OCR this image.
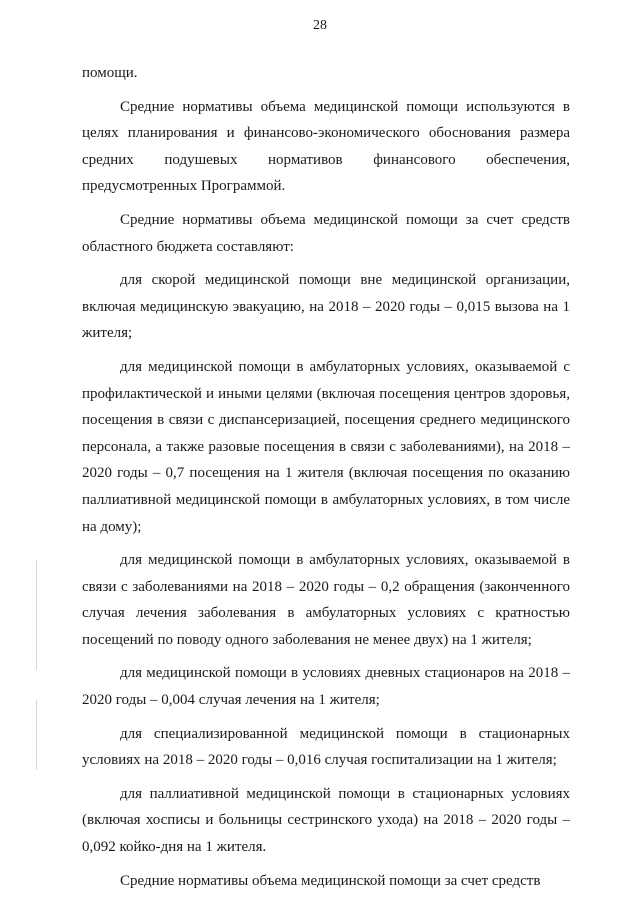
28

помощи.

Средние нормативы объема медицинской помощи используются в целях планирования и финансово-экономического обоснования размера средних подушевых нормативов финансового обеспечения, предусмотренных Программой.

Средние нормативы объема медицинской помощи за счет средств областного бюджета составляют:

для скорой медицинской помощи вне медицинской организации, включая медицинскую эвакуацию, на 2018 – 2020 годы – 0,015 вызова на 1 жителя;

для медицинской помощи в амбулаторных условиях, оказываемой с профилактической и иными целями (включая посещения центров здоровья, посещения в связи с диспансеризацией, посещения среднего медицинского персонала, а также разовые посещения в связи с заболеваниями), на 2018 – 2020 годы – 0,7 посещения на 1 жителя (включая посещения по оказанию паллиативной медицинской помощи в амбулаторных условиях, в том числе на дому);

для медицинской помощи в амбулаторных условиях, оказываемой в связи с заболеваниями на 2018 – 2020 годы – 0,2 обращения (законченного случая лечения заболевания в амбулаторных условиях с кратностью посещений по поводу одного заболевания не менее двух) на 1 жителя;

для медицинской помощи в условиях дневных стационаров на 2018 – 2020 годы – 0,004 случая лечения на 1 жителя;

для специализированной медицинской помощи в стационарных условиях на 2018 – 2020 годы – 0,016 случая госпитализации на 1 жителя;

для паллиативной медицинской помощи в стационарных условиях (включая хосписы и больницы сестринского ухода) на 2018 – 2020 годы – 0,092 койко-дня на 1 жителя.

Средние нормативы объема медицинской помощи за счет средств
